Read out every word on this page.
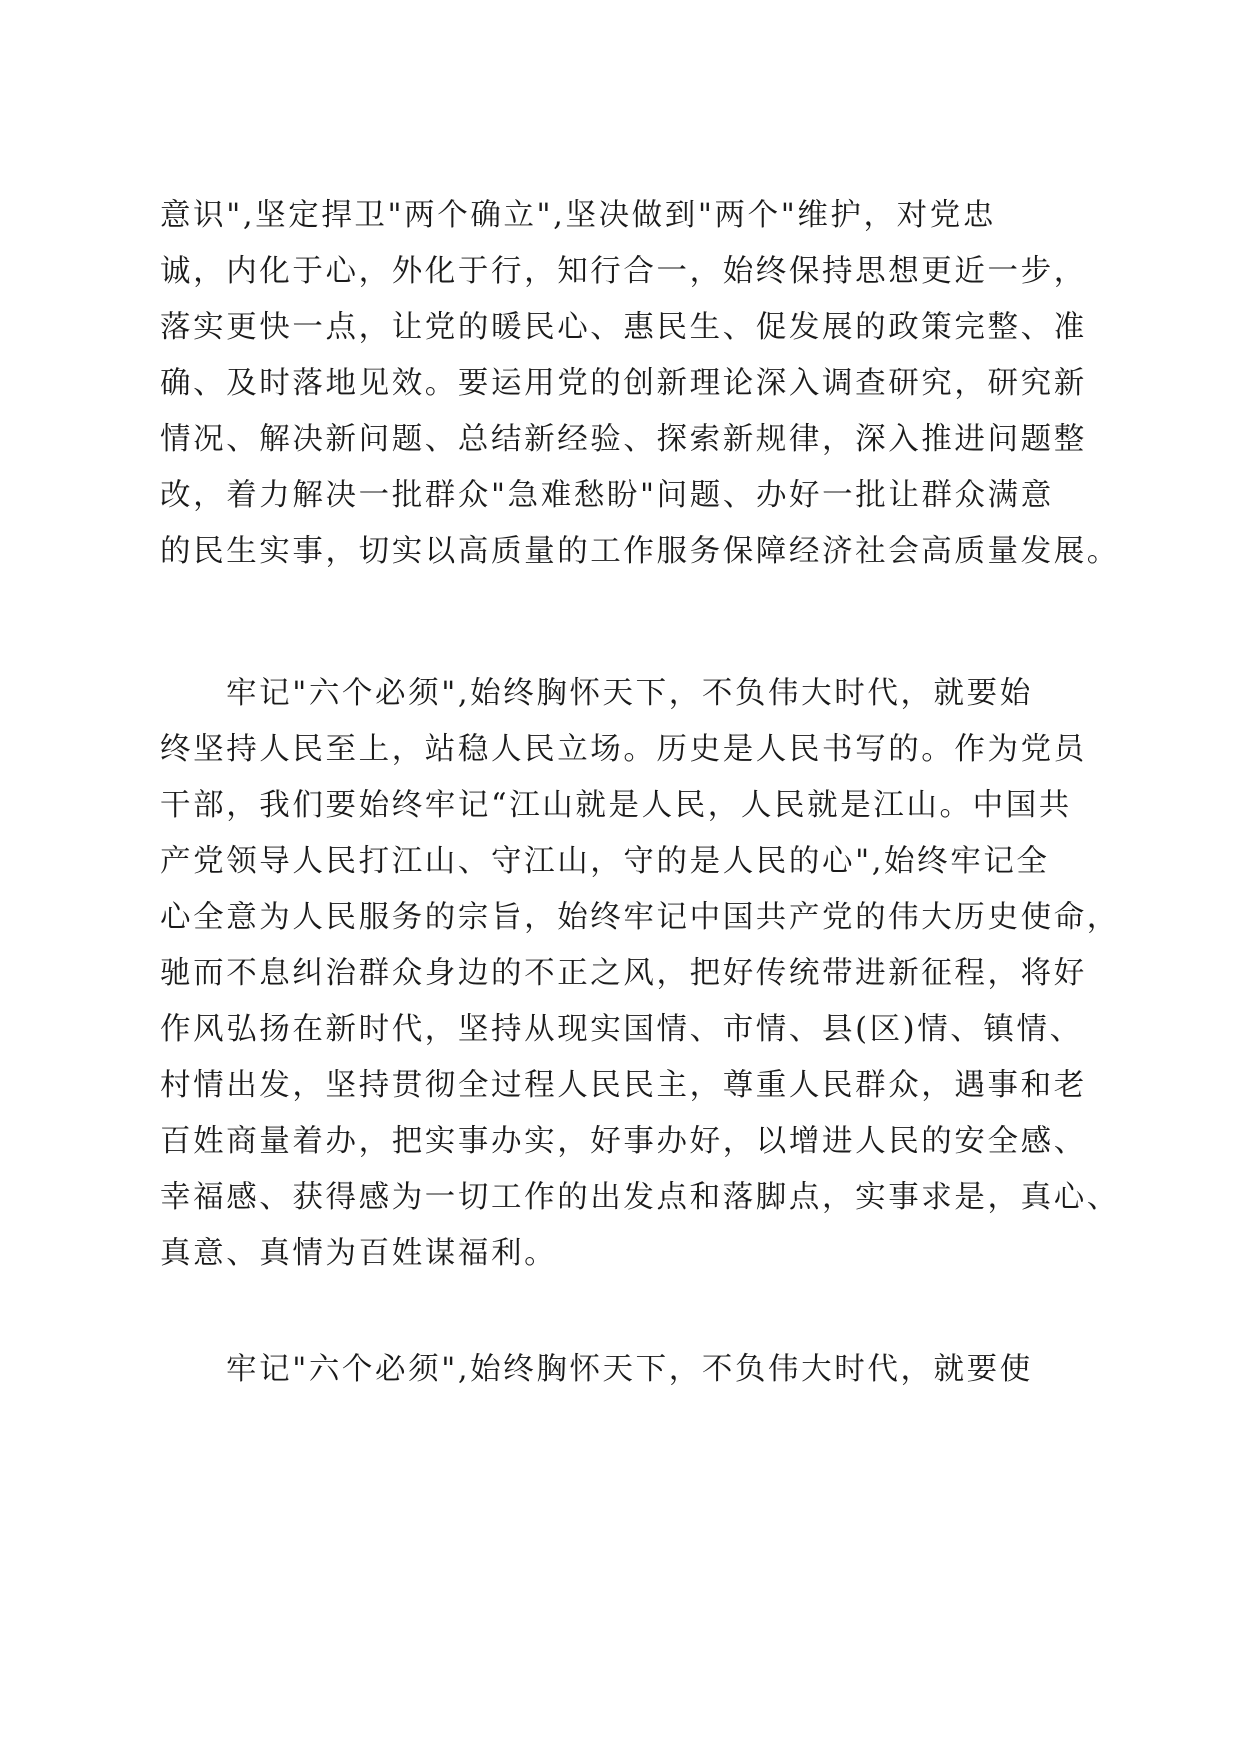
意识",坚定捍卫"两个确立",坚决做到"两个"维护，对党忠
诚，内化于心，外化于行，知行合一，始终保持思想更近一步，
落实更快一点，让党的暖民心、惠民生、促发展的政策完整、准
确、及时落地见效。要运用党的创新理论深入调查研究，研究新
情况、解决新问题、总结新经验、探索新规律，深入推进问题整
改，着力解决一批群众"急难愁盼"问题、办好一批让群众满意
的民生实事，切实以高质量的工作服务保障经济社会高质量发展。
牢记"六个必须",始终胸怀天下，不负伟大时代，就要始
终坚持人民至上，站稳人民立场。历史是人民书写的。作为党员
干部，我们要始终牢记“江山就是人民，人民就是江山。中国共
产党领导人民打江山、守江山，守的是人民的心",始终牢记全
心全意为人民服务的宗旨，始终牢记中国共产党的伟大历史使命，
驰而不息纠治群众身边的不正之风，把好传统带进新征程，将好
作风弘扬在新时代，坚持从现实国情、市情、县(区)情、镇情、
村情出发，坚持贯彻全过程人民民主，尊重人民群众，遇事和老
百姓商量着办，把实事办实，好事办好，以增进人民的安全感、
幸福感、获得感为一切工作的出发点和落脚点，实事求是，真心、
真意、真情为百姓谋福利。
牢记"六个必须",始终胸怀天下，不负伟大时代，就要使
